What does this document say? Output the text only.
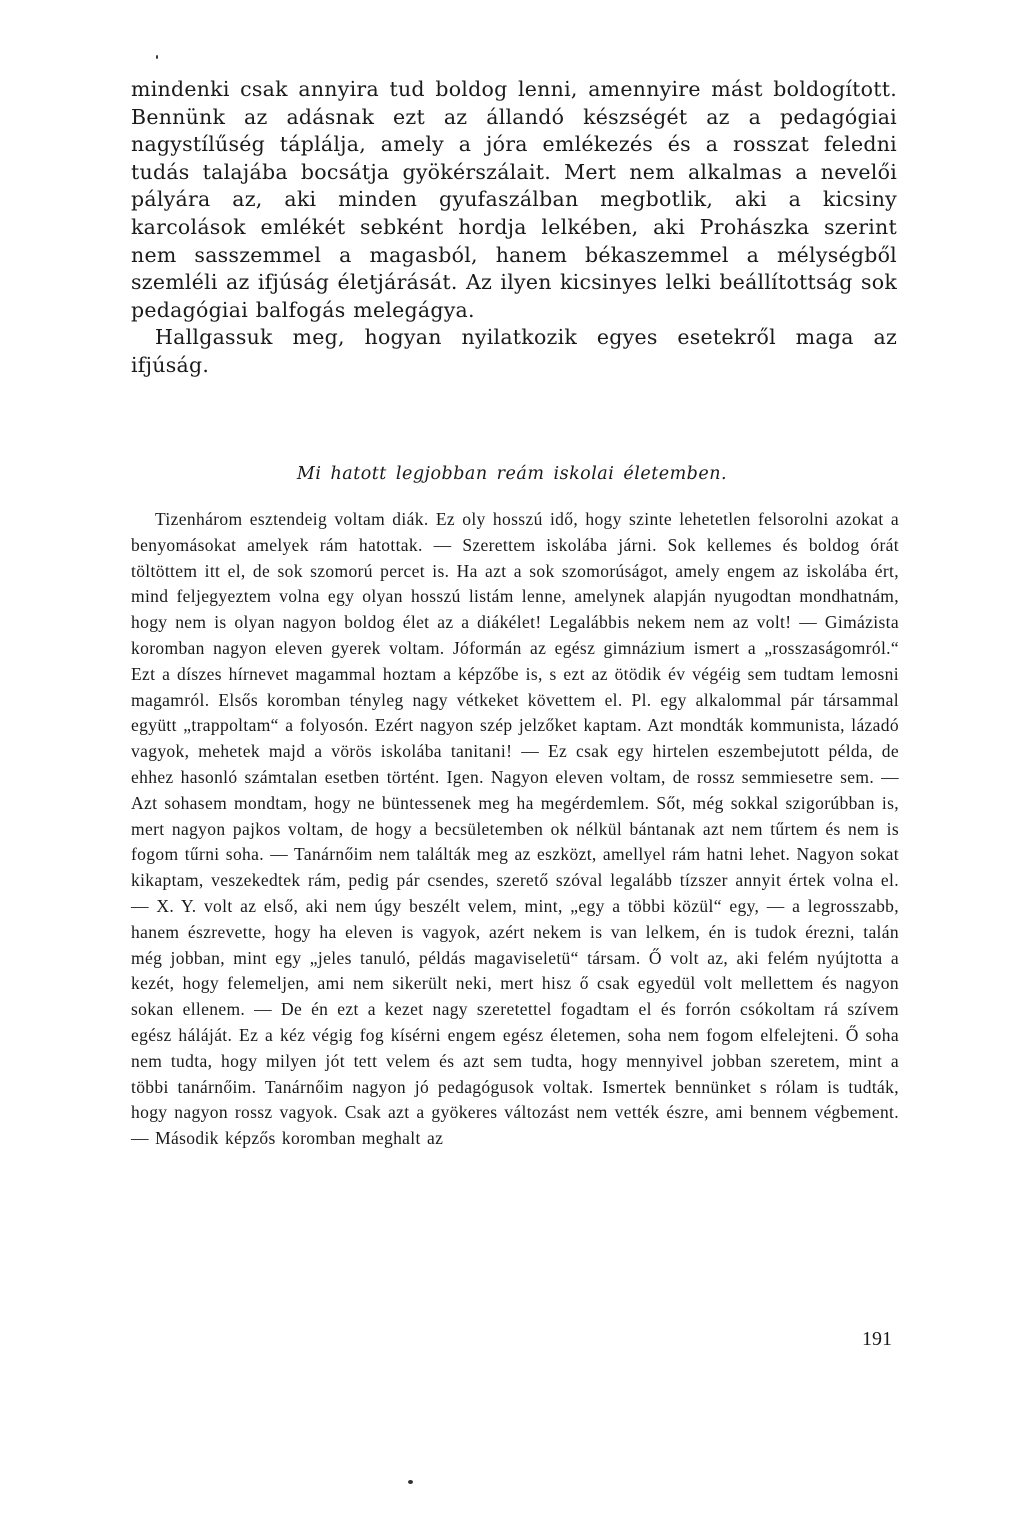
mindenki csak annyira tud boldog lenni, amennyire mást boldogított. Bennünk az adásnak ezt az állandó készségét az a pedagógiai nagystílűség táplálja, amely a jóra emlékezés és a rosszat feledni tudás talajába bocsátja gyökérszálait. Mert nem alkalmas a nevelői pályára az, aki minden gyufaszálban megbotlik, aki a kicsiny karcolások emlékét sebként hordja lelkében, aki Prohászka szerint nem sasszemmel a magasból, hanem békaszemmel a mélységből szemléli az ifjúság életjárását. Az ilyen kicsinyes lelki beállítottság sok pedagógiai balfogás melegágya.

Hallgassuk meg, hogyan nyilatkozik egyes esetekről maga az ifjúság.

Mi hatott legjobban reám iskolai életemben.

Tizenhárom esztendeig voltam diák. Ez oly hosszú idő, hogy szinte lehetetlen felsorolni azokat a benyomásokat amelyek rám hatottak. — Szerettem iskolába járni. Sok kellemes és boldog órát töltöttem itt el, de sok szomorú percet is. Ha azt a sok szomorúságot, amely engem az iskolába ért, mind feljegyeztem volna egy olyan hosszú listám lenne, amelynek alapján nyugodtan mondhatnám, hogy nem is olyan nagyon boldog élet az a diákélet! Legalábbis nekem nem az volt! — Gimázista koromban nagyon eleven gyerek voltam. Jóformán az egész gimnázium ismert a „rosszaságomról.“ Ezt a díszes hírnevet magammal hoztam a képzőbe is, s ezt az ötödik év végéig sem tudtam lemosni magamról. Elsős koromban tényleg nagy vétkeket követtem el. Pl. egy alkalommal pár társammal együtt „trappoltam“ a folyosón. Ezért nagyon szép jelzőket kaptam. Azt mondták kommunista, lázadó vagyok, mehetek majd a vörös iskolába tanitani! — Ez csak egy hirtelen eszembejutott példa, de ehhez hasonló számtalan esetben történt. Igen. Nagyon eleven voltam, de rossz semmiesetre sem. — Azt sohasem mondtam, hogy ne büntessenek meg ha megérdemlem. Sőt, még sokkal szigorúbban is, mert nagyon pajkos voltam, de hogy a becsületemben ok nélkül bántanak azt nem tűrtem és nem is fogom tűrni soha. — Tanárnőim nem találták meg az eszközt, amellyel rám hatni lehet. Nagyon sokat kikaptam, veszekedtek rám, pedig pár csendes, szerető szóval legalább tízszer annyit értek volna el. — X. Y. volt az első, aki nem úgy beszélt velem, mint, „egy a többi közül“ egy, — a legrosszabb, hanem észrevette, hogy ha eleven is vagyok, azért nekem is van lelkem, én is tudok érezni, talán még jobban, mint egy „jeles tanuló, példás magaviseletü“ társam. Ő volt az, aki felém nyújtotta a kezét, hogy felemeljen, ami nem sikerült neki, mert hisz ő csak egyedül volt mellettem és nagyon sokan ellenem. — De én ezt a kezet nagy szeretettel fogadtam el és forrón csókoltam rá szívem egész háláját. Ez a kéz végig fog kísérni engem egész életemen, soha nem fogom elfelejteni. Ő soha nem tudta, hogy milyen jót tett velem és azt sem tudta, hogy mennyivel jobban szeretem, mint a többi tanárnőim. Tanárnőim nagyon jó pedagógusok voltak. Ismertek bennünket s rólam is tudták, hogy nagyon rossz vagyok. Csak azt a gyökeres változást nem vették észre, ami bennem végbement. — Második képzős koromban meghalt az

191
